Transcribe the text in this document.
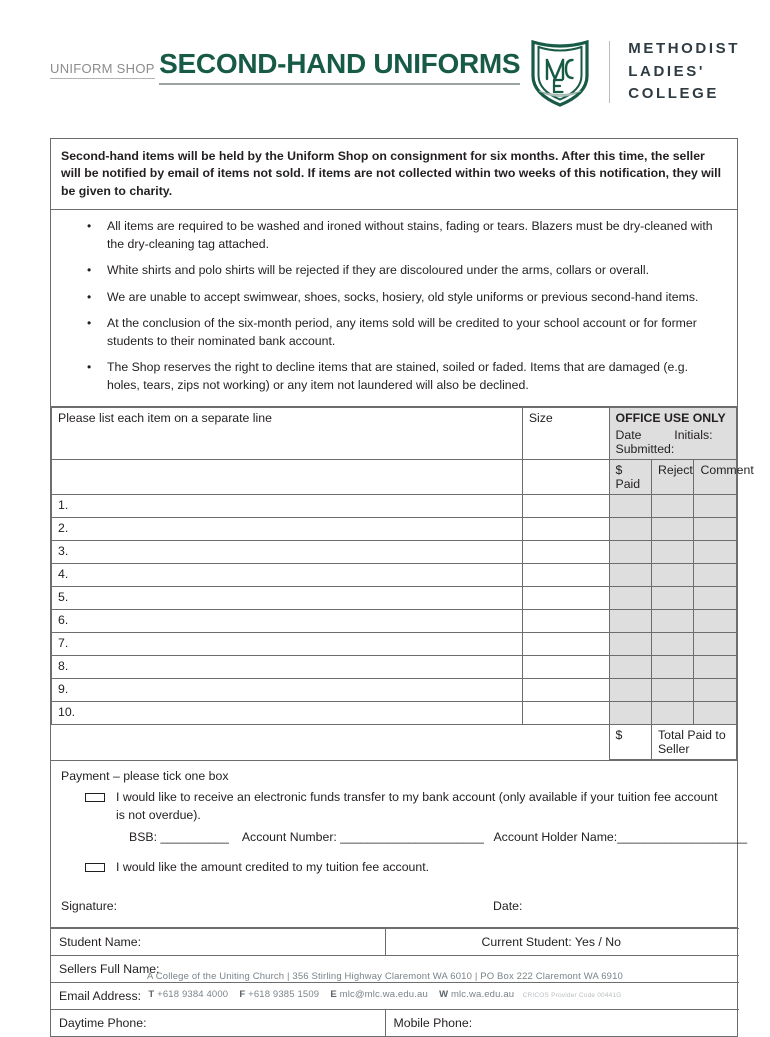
UNIFORM SHOP SECOND-HAND UNIFORMS	METHODIST
LADIES'
COLLEGE
Second-hand items will be held by the Uniform Shop on consignment for six months. After this time, the seller will be notified by email of items not sold. If items are not collected within two weeks of this notification, they will be given to charity.
•	All items are required to be washed and ironed without stains, fading or tears. Blazers must be dry-cleaned with the dry-cleaning tag attached.
•	White shirts and polo shirts will be rejected if they are discoloured under the arms, collars or overall.
•	We are unable to accept swimwear, shoes, socks, hosiery, old style uniforms or previous second-hand items.
•	At the conclusion of the six-month period, any items sold will be credited to your school account or for former students to their nominated bank account.
•	The Shop reserves the right to decline items that are stained, soiled or faded. Items that are damaged (e.g. holes, tears, zips not working) or any item not laundered will also be declined.
Please list each item on a separate line	Size	OFFICE USE ONLY
Date Submitted:
Initials:		

		$ Paid	Reject	Comment
1.				
2.				
3.				
4.				
5.				
6.				
7.				
8.				
9.				
10.				
		$	Total Paid to Seller	
Payment – please tick one box
I would like to receive an electronic funds transfer to my bank account (only available if your tuition fee account is not overdue).
BSB: __________ Account Number: _____________________ Account Holder Name:___________________
I would like the amount credited to my tuition fee account.
Signature:	Date:
Student Name:	Current Student: Yes / No
Sellers Full Name:	
Email Address:	
Daytime Phone:	Mobile Phone:
A College of the Uniting Church | 356 Stirling Highway Claremont WA 6010 | PO Box 222 Claremont WA 6910
T +618 9384 4000 F +618 9385 1509 E mlc@mlc.wa.edu.au W mlc.wa.edu.au CRICOS Provider Code 00441G
